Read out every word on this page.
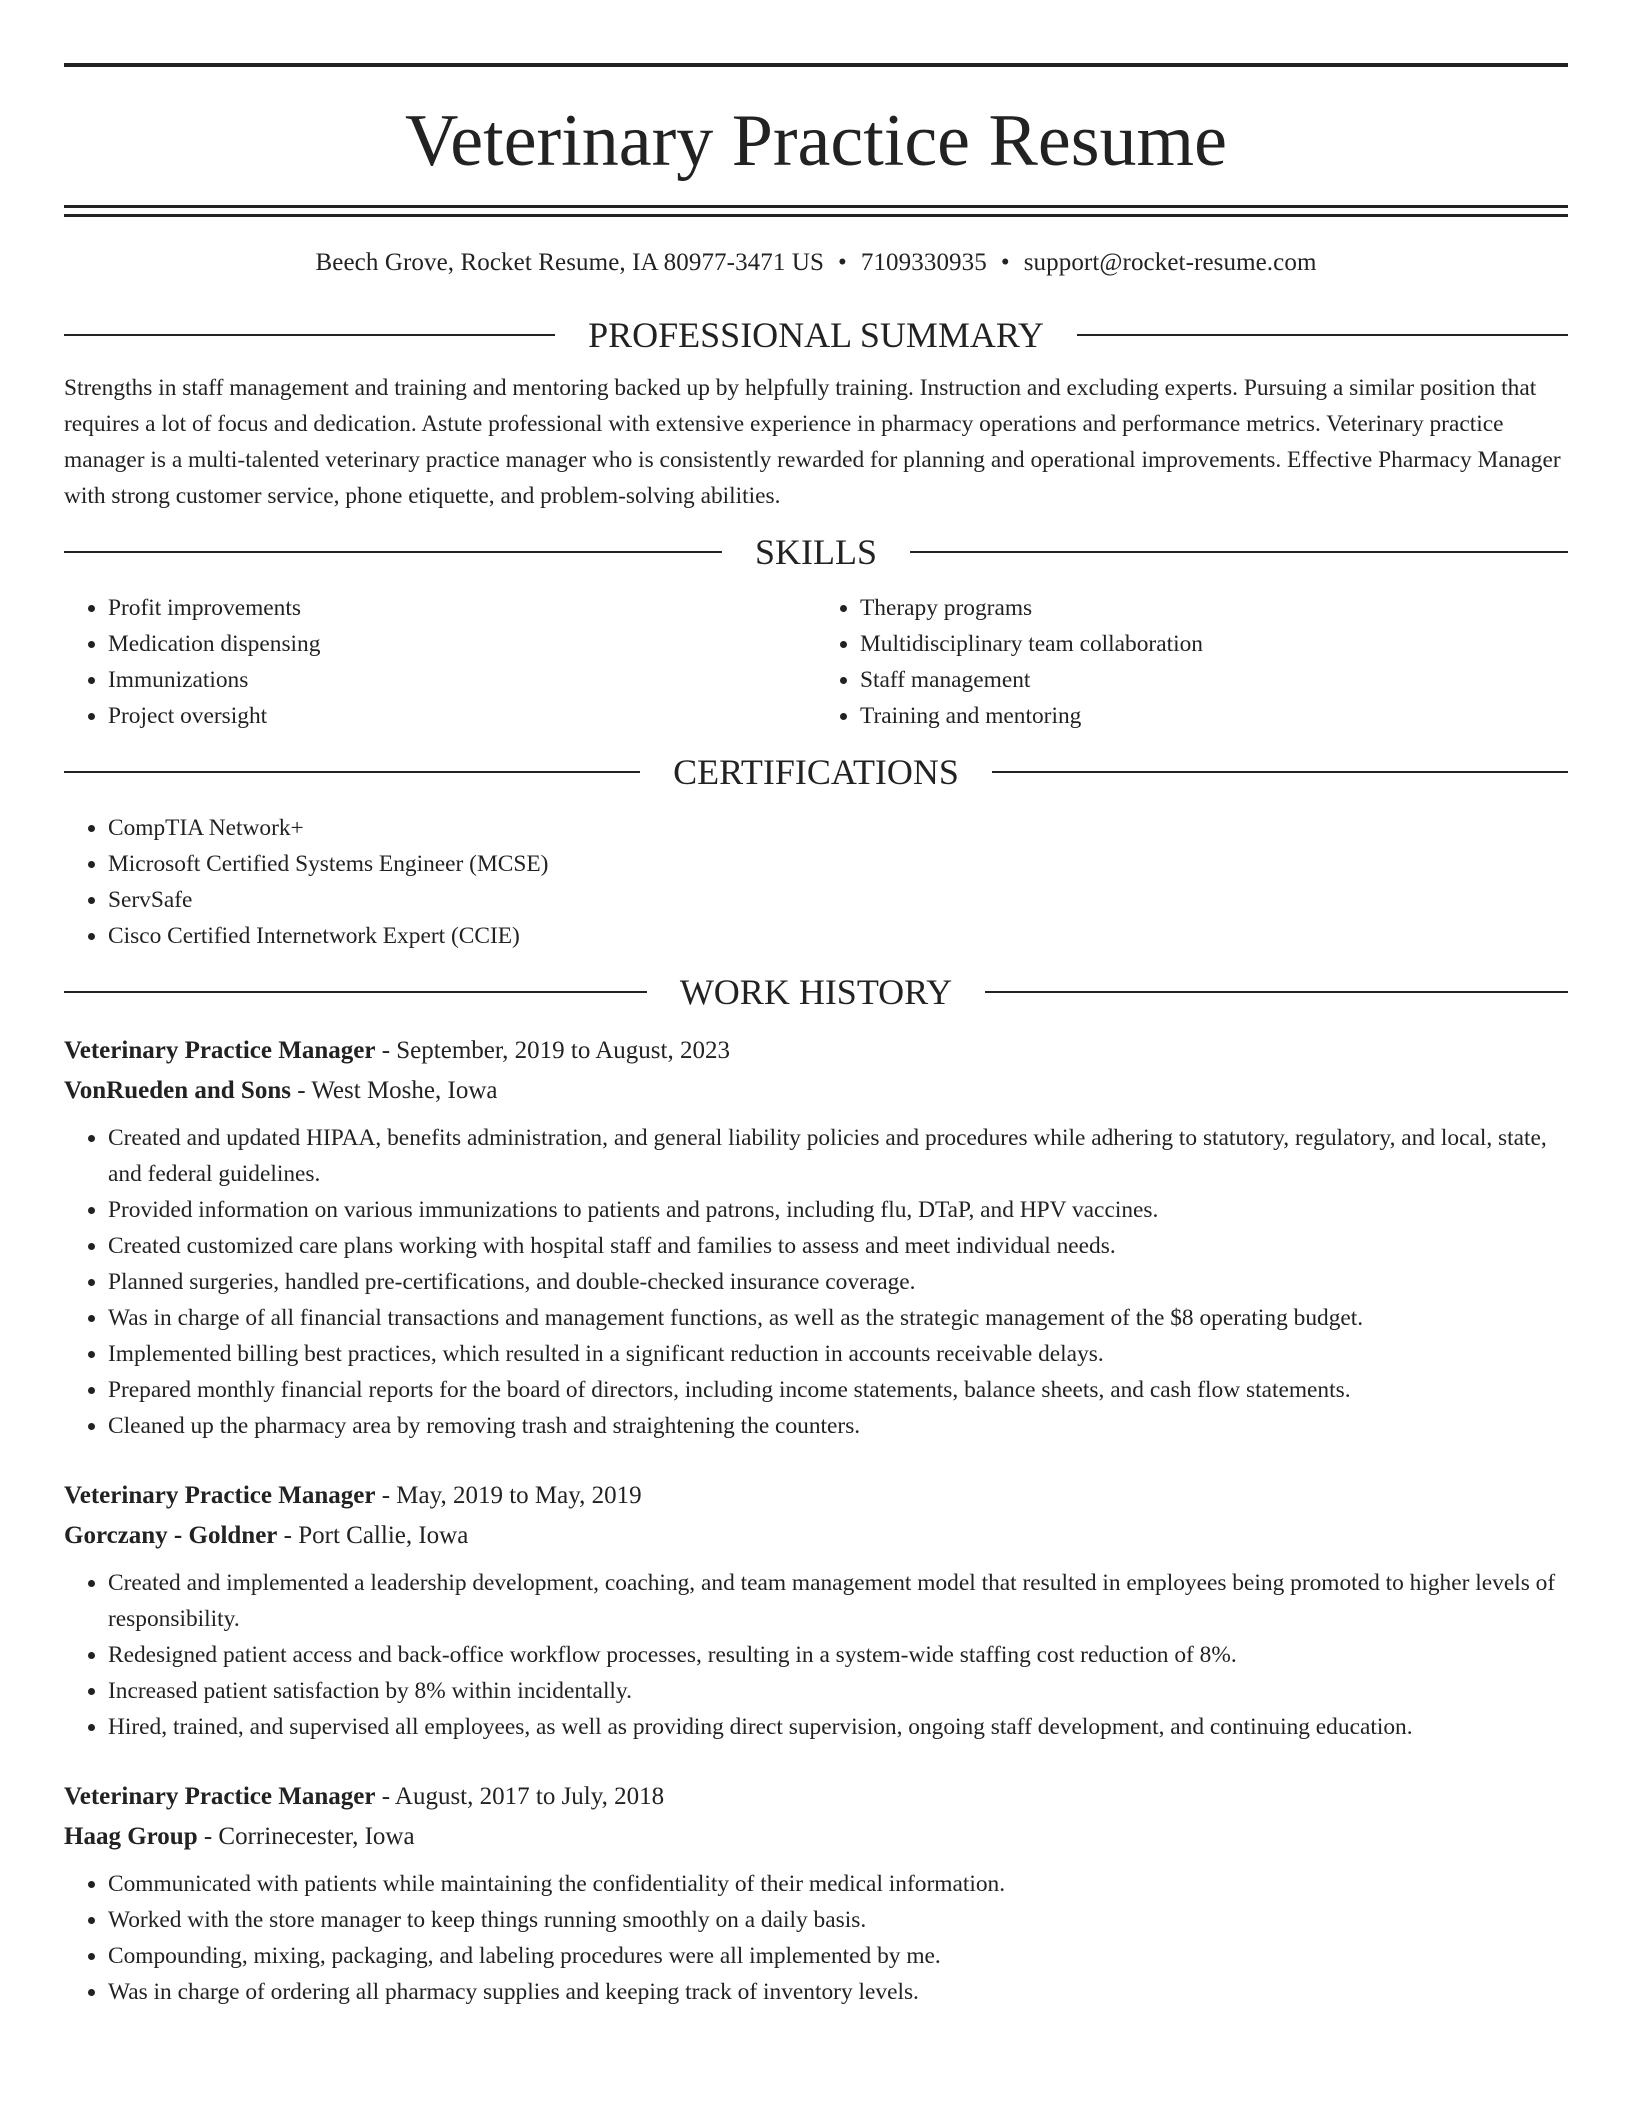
Veterinary Practice Resume
Beech Grove, Rocket Resume, IA 80977-3471 US • 7109330935 • support@rocket-resume.com
PROFESSIONAL SUMMARY

Strengths in staff management and training and mentoring backed up by helpfully training. Instruction and excluding experts. Pursuing a similar position that requires a lot of focus and dedication. Astute professional with extensive experience in pharmacy operations and performance metrics. Veterinary practice manager is a multi-talented veterinary practice manager who is consistently rewarded for planning and operational improvements. Effective Pharmacy Manager with strong customer service, phone etiquette, and problem-solving abilities.

SKILLS
• Profit improvements
• Medication dispensing
• Immunizations
• Project oversight
• Therapy programs
• Multidisciplinary team collaboration
• Staff management
• Training and mentoring
CERTIFICATIONS
• CompTIA Network+
• Microsoft Certified Systems Engineer (MCSE)
• ServSafe
• Cisco Certified Internetwork Expert (CCIE)
WORK HISTORY
Veterinary Practice Manager - September, 2019 to August, 2023
VonRueden and Sons - West Moshe, Iowa
• Created and updated HIPAA, benefits administration, and general liability policies and procedures while adhering to statutory, regulatory, and local, state, and federal guidelines.
• Provided information on various immunizations to patients and patrons, including flu, DTaP, and HPV vaccines.
• Created customized care plans working with hospital staff and families to assess and meet individual needs.
• Planned surgeries, handled pre-certifications, and double-checked insurance coverage.
• Was in charge of all financial transactions and management functions, as well as the strategic management of the $8 operating budget.
• Implemented billing best practices, which resulted in a significant reduction in accounts receivable delays.
• Prepared monthly financial reports for the board of directors, including income statements, balance sheets, and cash flow statements.
• Cleaned up the pharmacy area by removing trash and straightening the counters.
Veterinary Practice Manager - May, 2019 to May, 2019
Gorczany - Goldner - Port Callie, Iowa
• Created and implemented a leadership development, coaching, and team management model that resulted in employees being promoted to higher levels of responsibility.
• Redesigned patient access and back-office workflow processes, resulting in a system-wide staffing cost reduction of 8%.
• Increased patient satisfaction by 8% within incidentally.
• Hired, trained, and supervised all employees, as well as providing direct supervision, ongoing staff development, and continuing education.
Veterinary Practice Manager - August, 2017 to July, 2018
Haag Group - Corrinecester, Iowa
• Communicated with patients while maintaining the confidentiality of their medical information.
• Worked with the store manager to keep things running smoothly on a daily basis.
• Compounding, mixing, packaging, and labeling procedures were all implemented by me.
• Was in charge of ordering all pharmacy supplies and keeping track of inventory levels.
